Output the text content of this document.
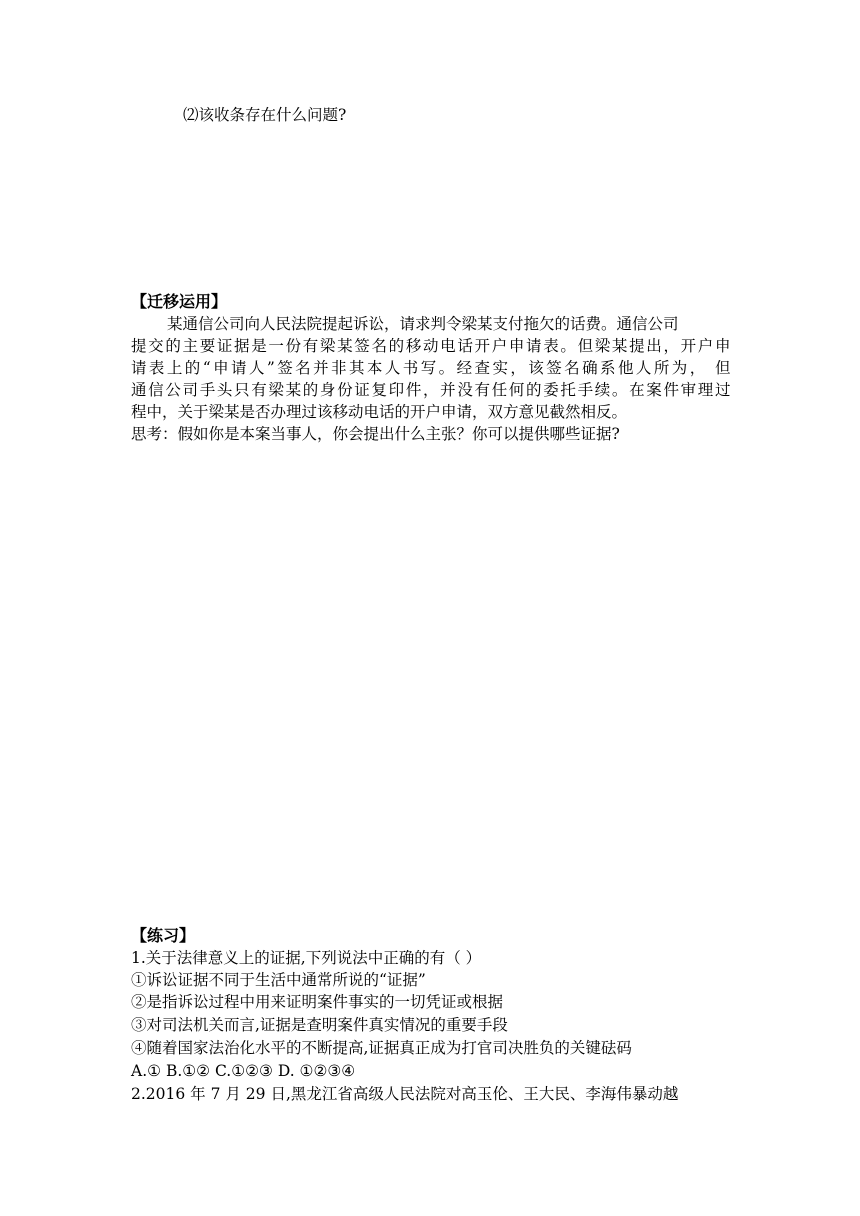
⑵该收条存在什么问题?
【迁移运用】
某通信公司向人民法院提起诉讼，请求判令梁某支付拖欠的话费。通信公司
提交的主要证据是一份有梁某签名的移动电话开户申请表。但梁某提出，开户申
请表上的“申请人”签名并非其本人书写。经查实，该签名确系他人所为， 但
通信公司手头只有梁某的身份证复印件，并没有任何的委托手续。在案件审理过
程中，关于梁某是否办理过该移动电话的开户申请，双方意见截然相反。
思考：假如你是本案当事人，你会提出什么主张？你可以提供哪些证据?
【练习】
1.关于法律意义上的证据,下列说法中正确的有（ ）
①诉讼证据不同于生活中通常所说的“证据”
②是指诉讼过程中用来证明案件事实的一切凭证或根据
③对司法机关而言,证据是查明案件真实情况的重要手段
④随着国家法治化水平的不断提高,证据真正成为打官司决胜负的关键砝码
A.① B.①② C.①②③ D. ①②③④
2.2016 年 7 月 29 日,黑龙江省高级人民法院对高玉伦、王大民、李海伟暴动越
